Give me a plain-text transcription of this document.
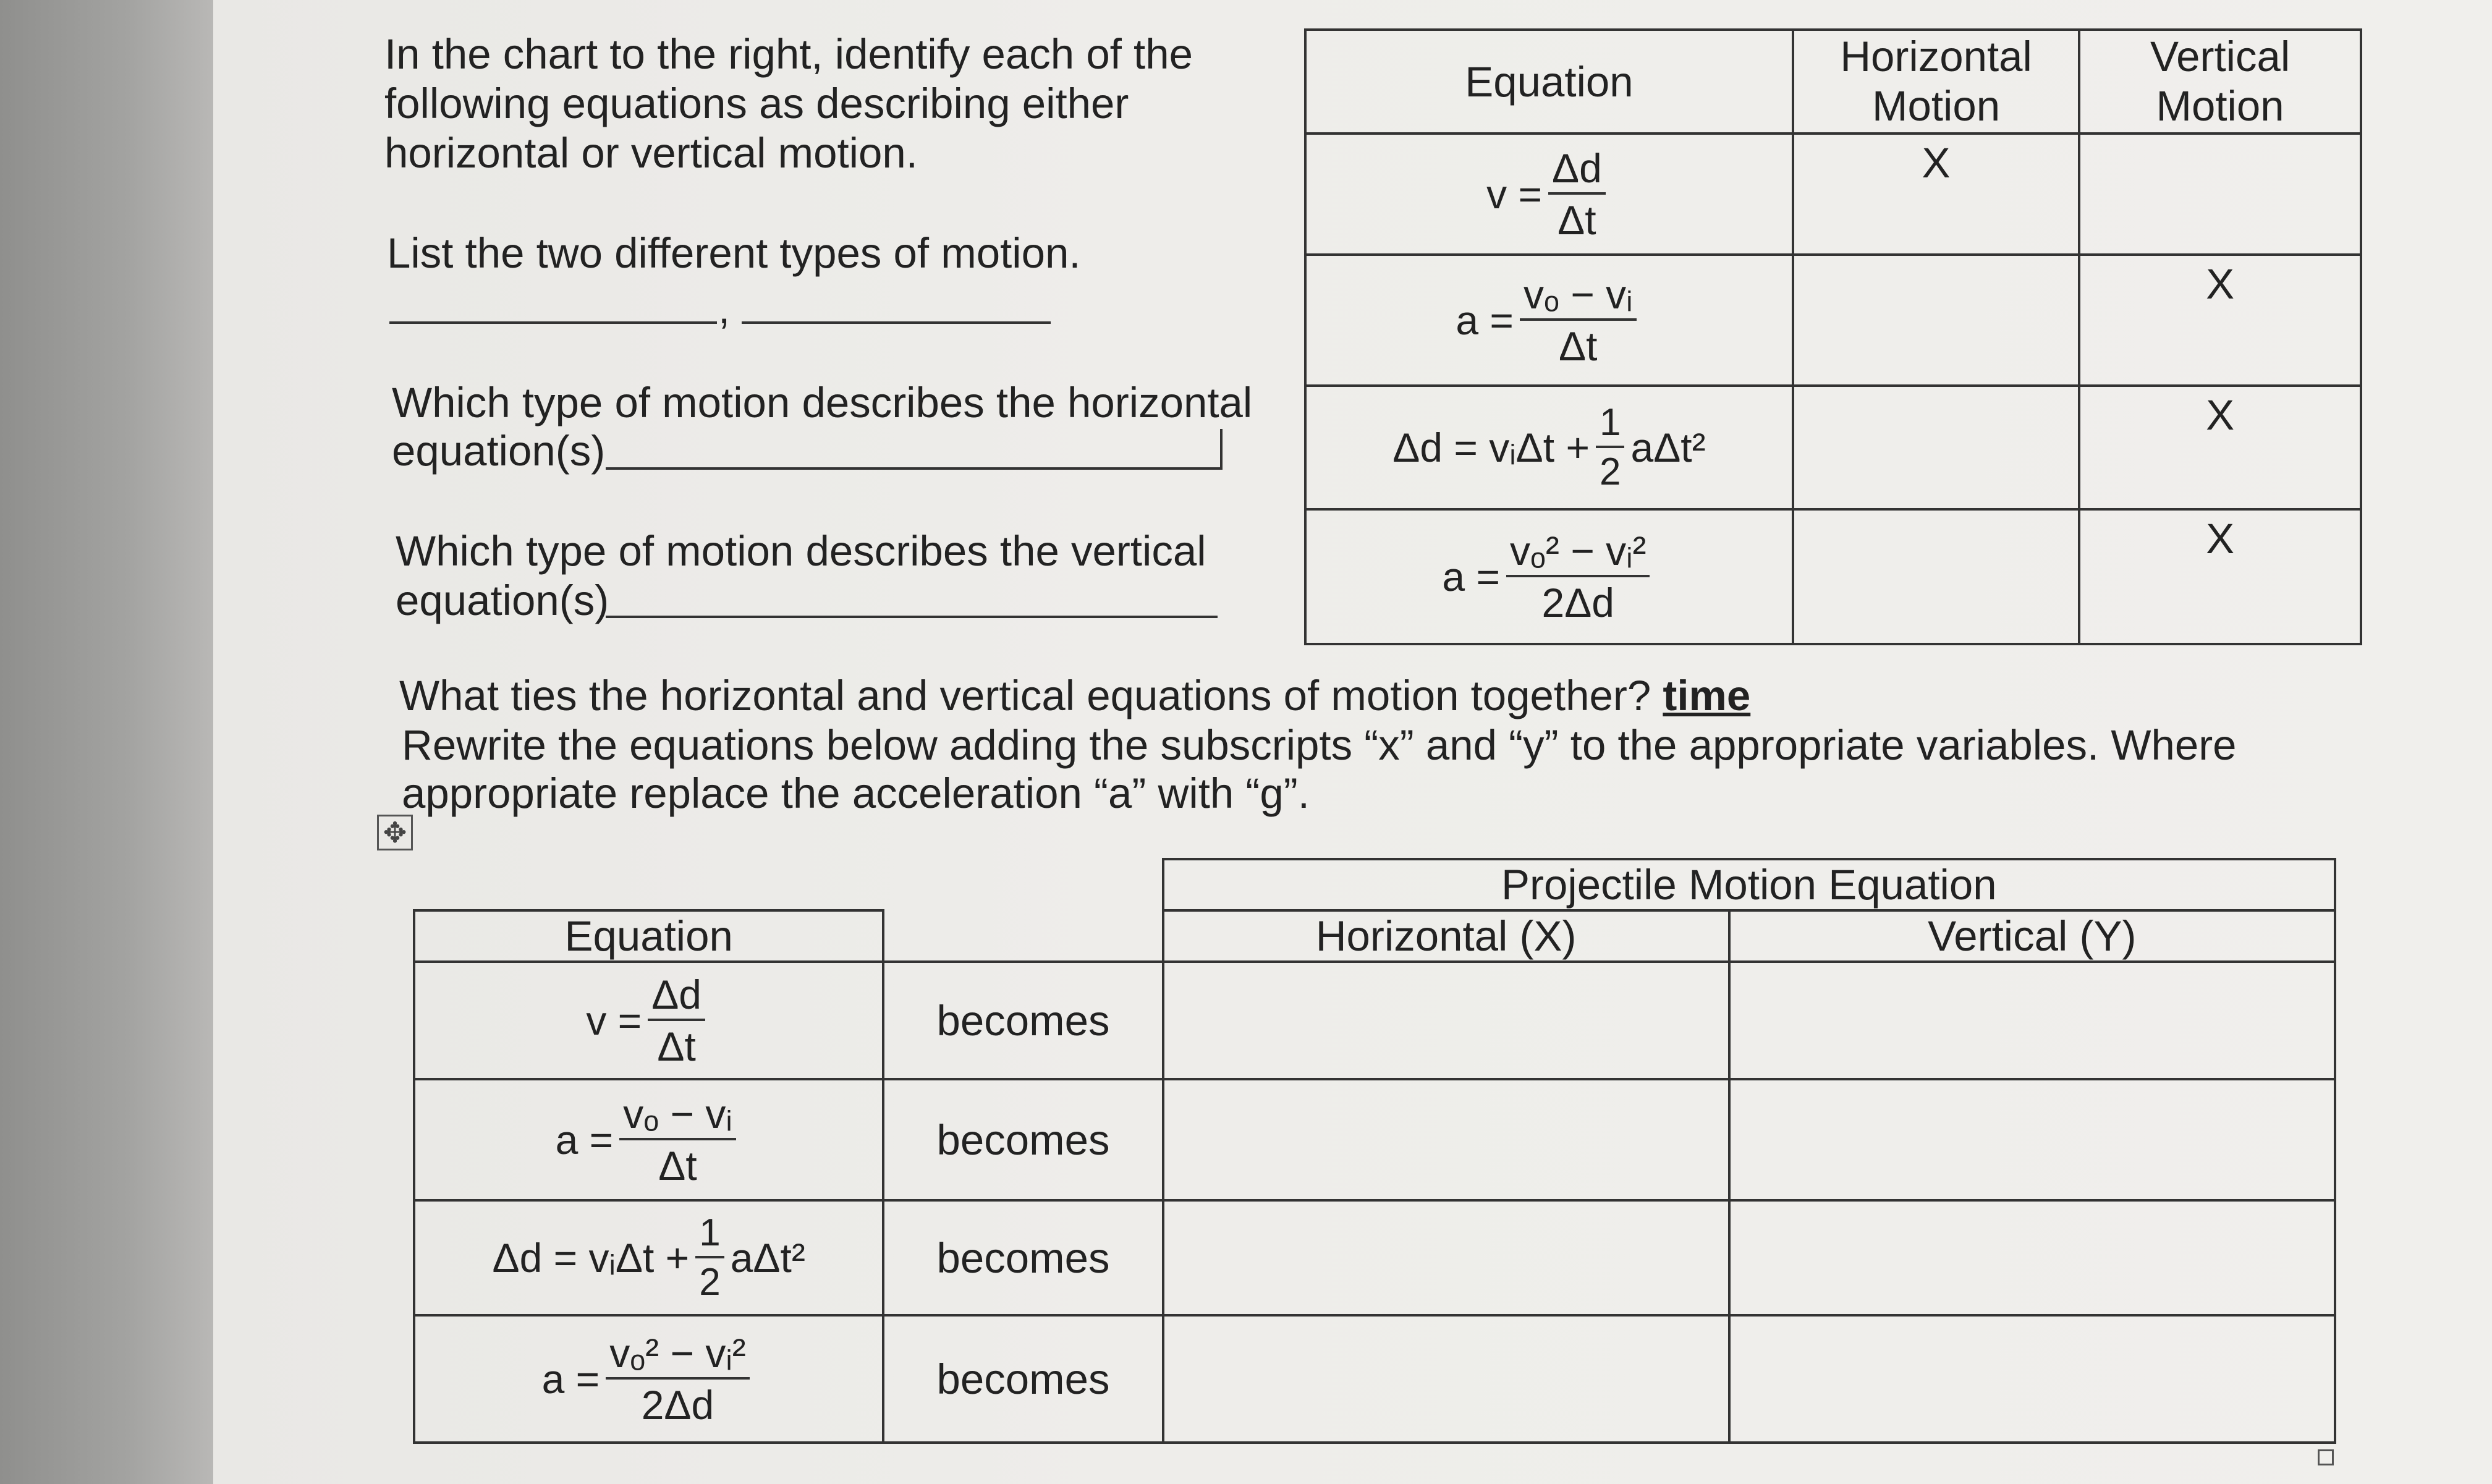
In the chart to the right, identify each of the
following equations as describing either
horizontal or vertical motion.
List the two different types of motion.
,
Which type of motion describes the horizontal
equation(s)
Which type of motion describes the vertical
equation(s)
Equation	Horizontal Motion	Vertical Motion

$v = \frac{\Delta d}{\Delta t}$	X	

$a = \frac{\text{vₒ − vᵢ}}{\Delta t}$		X

Δd = vᵢΔt + $\frac{1}{2} a\Delta t^2$		X

$a = \frac{\text{vₒ² − vᵢ²}}{2\Delta d}$		X
What ties the horizontal and vertical equations of motion together? time
Rewrite the equations below adding the subscripts “x” and “y” to the appropriate variables. Where
appropriate replace the acceleration “a” with “g”.
✥
		Projectile Motion Equation	
Equation		Horizontal (X)	Vertical (Y)

$v = \frac{\Delta d}{\Delta t}$	becomes		

$a = \frac{\text{vₒ − vᵢ}}{\Delta t}$	becomes		

Δd = vᵢΔt + $\frac{1}{2} a\Delta t^2$	becomes		

$a = \frac{\text{vₒ² − vᵢ²}}{2\Delta d}$	becomes		
